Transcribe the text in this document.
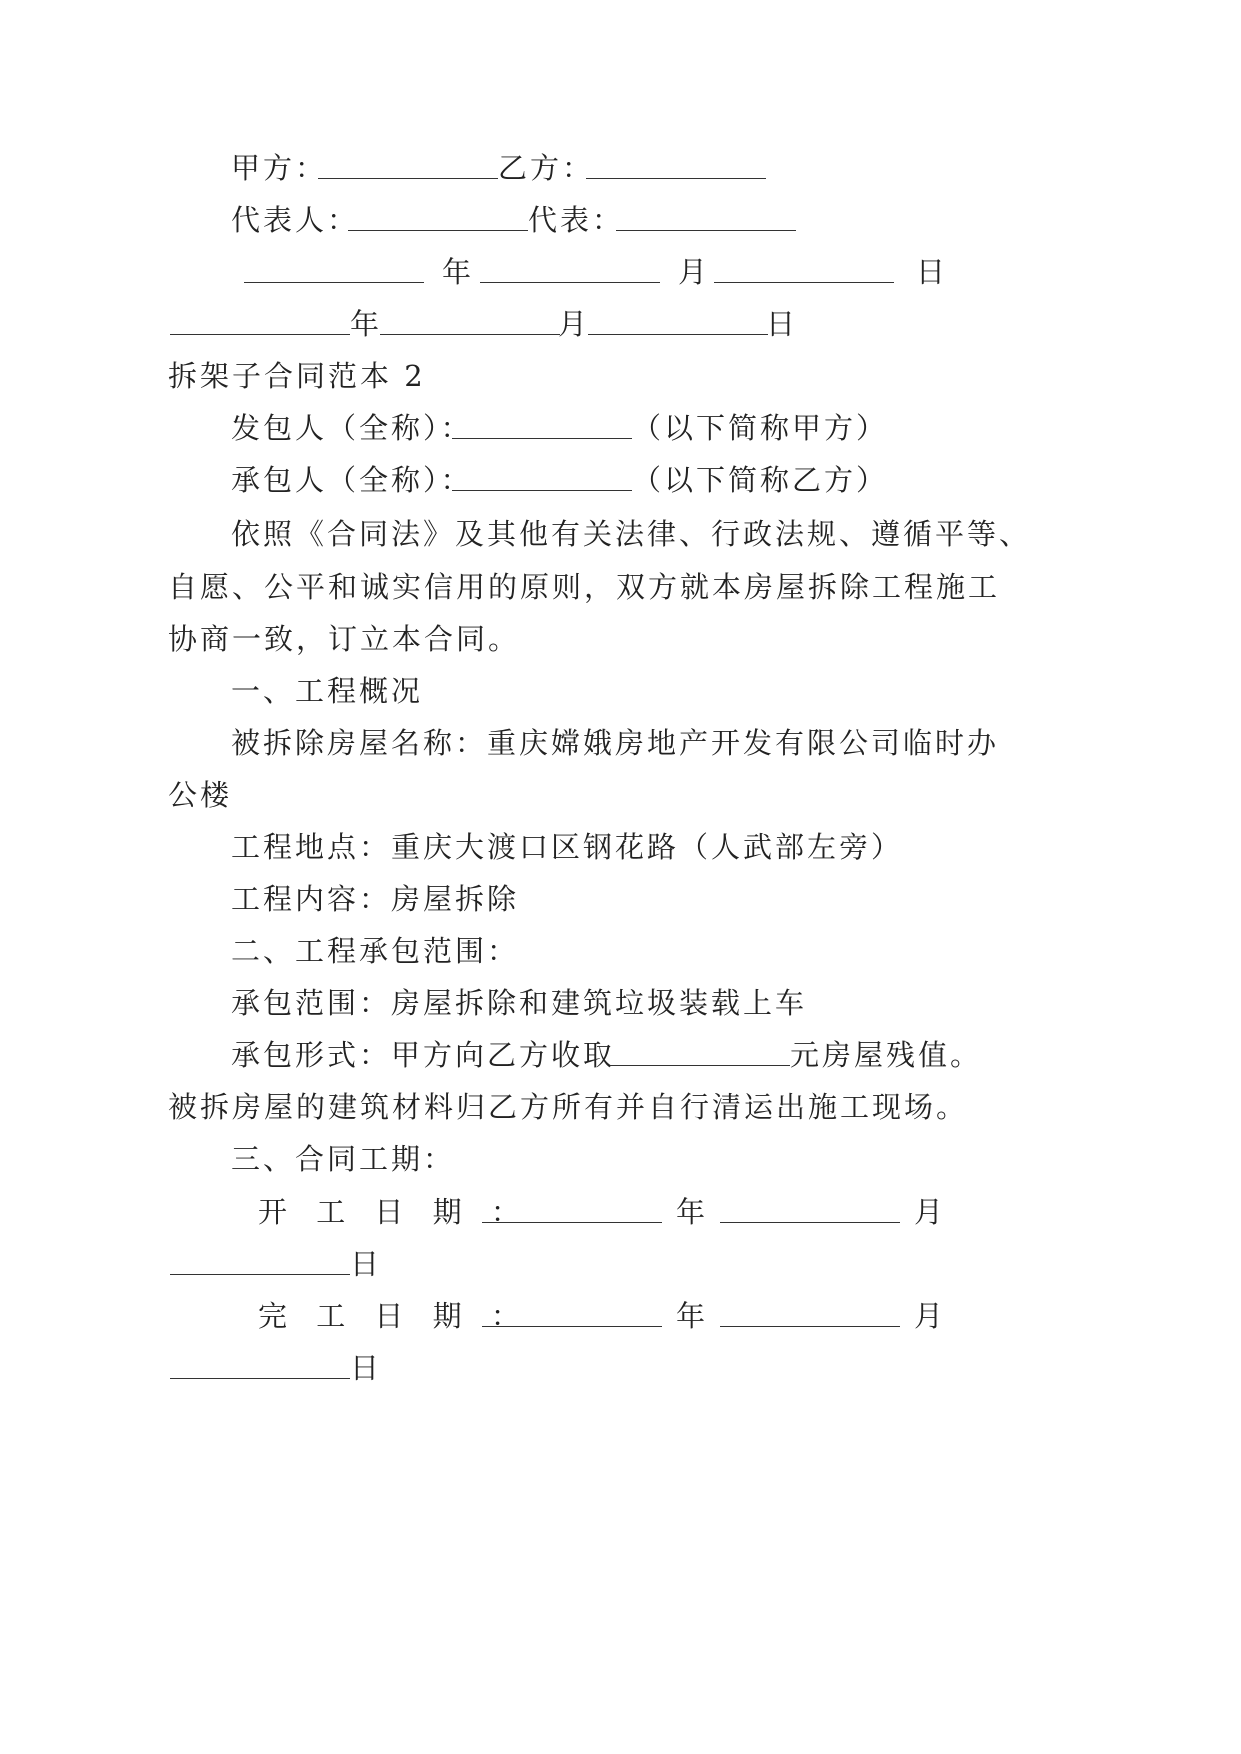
甲方：	乙方：
代表人：	代表：
年	月	日
年	月	日
拆架子合同范本 2
发包人（全称）：	（以下简称甲方）
承包人（全称）：	（以下简称乙方）
依照《合同法》及其他有关法律、行政法规、遵循平等、
自愿、公平和诚实信用的原则，双方就本房屋拆除工程施工
协商一致，订立本合同。
一、工程概况
被拆除房屋名称：重庆嫦娥房地产开发有限公司临时办
公楼
工程地点：重庆大渡口区钢花路（人武部左旁）
工程内容：房屋拆除
二、工程承包范围：
承包范围：房屋拆除和建筑垃圾装载上车
承包形式：甲方向乙方收取	元房屋残值。
被拆房屋的建筑材料归乙方所有并自行清运出施工现场。
三、合同工期：
开 工 日 期 ：	年	月
日
完 工 日 期 ：	年	月
日
